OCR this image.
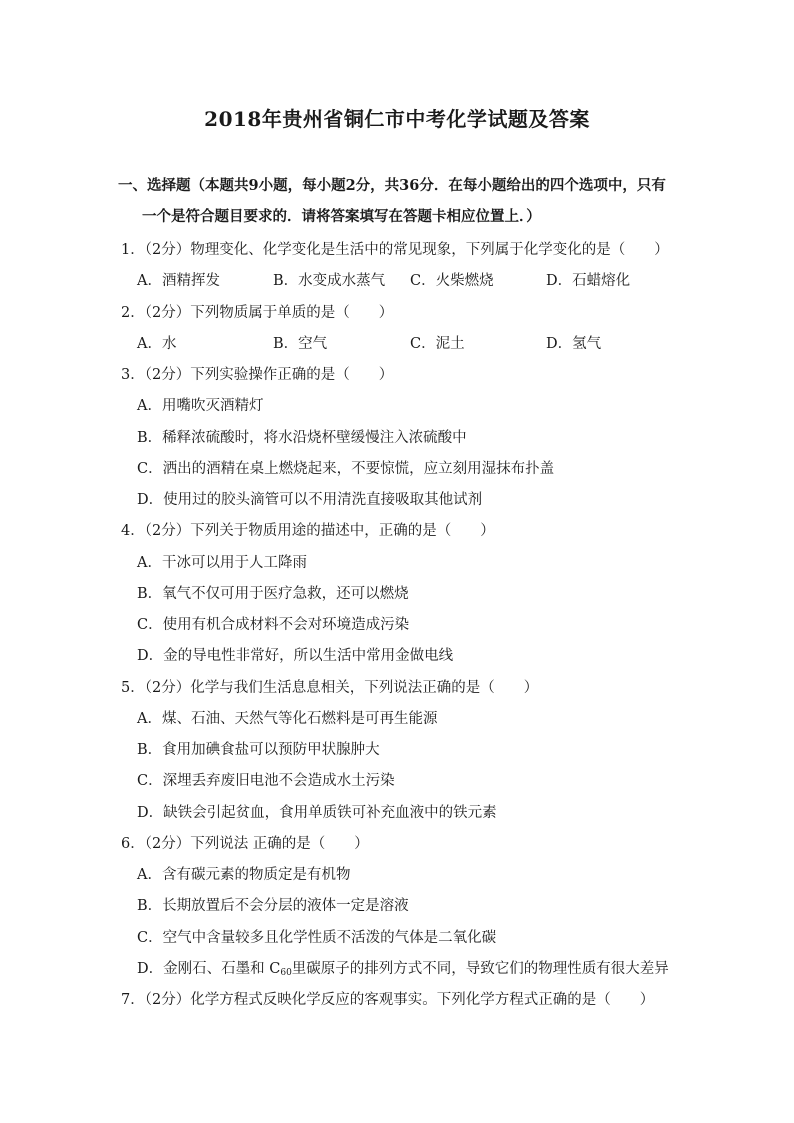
2018年贵州省铜仁市中考化学试题及答案
一、选择题（本题共9小题，每小题2分，共36分．在每小题给出的四个选项中，只有
一个是符合题目要求的．请将答案填写在答题卡相应位置上．）
1．（2分）物理变化、化学变化是生活中的常见现象，下列属于化学变化的是（　　）
A．酒精挥发	B．水变成水蒸气 C．火柴燃烧	D．石蜡熔化
2．（2分）下列物质属于单质的是（　　）
A．水	B．空气	C．泥土	D．氢气
3．（2分）下列实验操作正确的是（　　）
A．用嘴吹灭酒精灯
B．稀释浓硫酸时，将水沿烧杯壁缓慢注入浓硫酸中
C．洒出的酒精在桌上燃烧起来，不要惊慌，应立刻用湿抹布扑盖
D．使用过的胶头滴管可以不用清洗直接吸取其他试剂
4．（2分）下列关于物质用途的描述中，正确的是（　　）
A．干冰可以用于人工降雨
B．氧气不仅可用于医疗急救，还可以燃烧
C．使用有机合成材料不会对环境造成污染
D．金的导电性非常好，所以生活中常用金做电线
5．（2分）化学与我们生活息息相关，下列说法正确的是（　　）
A．煤、石油、天然气等化石燃料是可再生能源
B．食用加碘食盐可以预防甲状腺肿大
C．深埋丢弃废旧电池不会造成水土污染
D．缺铁会引起贫血，食用单质铁可补充血液中的铁元素
6．（2分）下列说法 正确的是（　　）
A．含有碳元素的物质定是有机物
B．长期放置后不会分层的液体一定是溶液
C．空气中含量较多且化学性质不活泼的气体是二氧化碳
D．金刚石、石墨和 $C_{60}$里碳原子的排列方式不同，导致它们的物理性质有很大差异
7．（2分）化学方程式反映化学反应的客观事实。下列化学方程式正确的是（　　）
